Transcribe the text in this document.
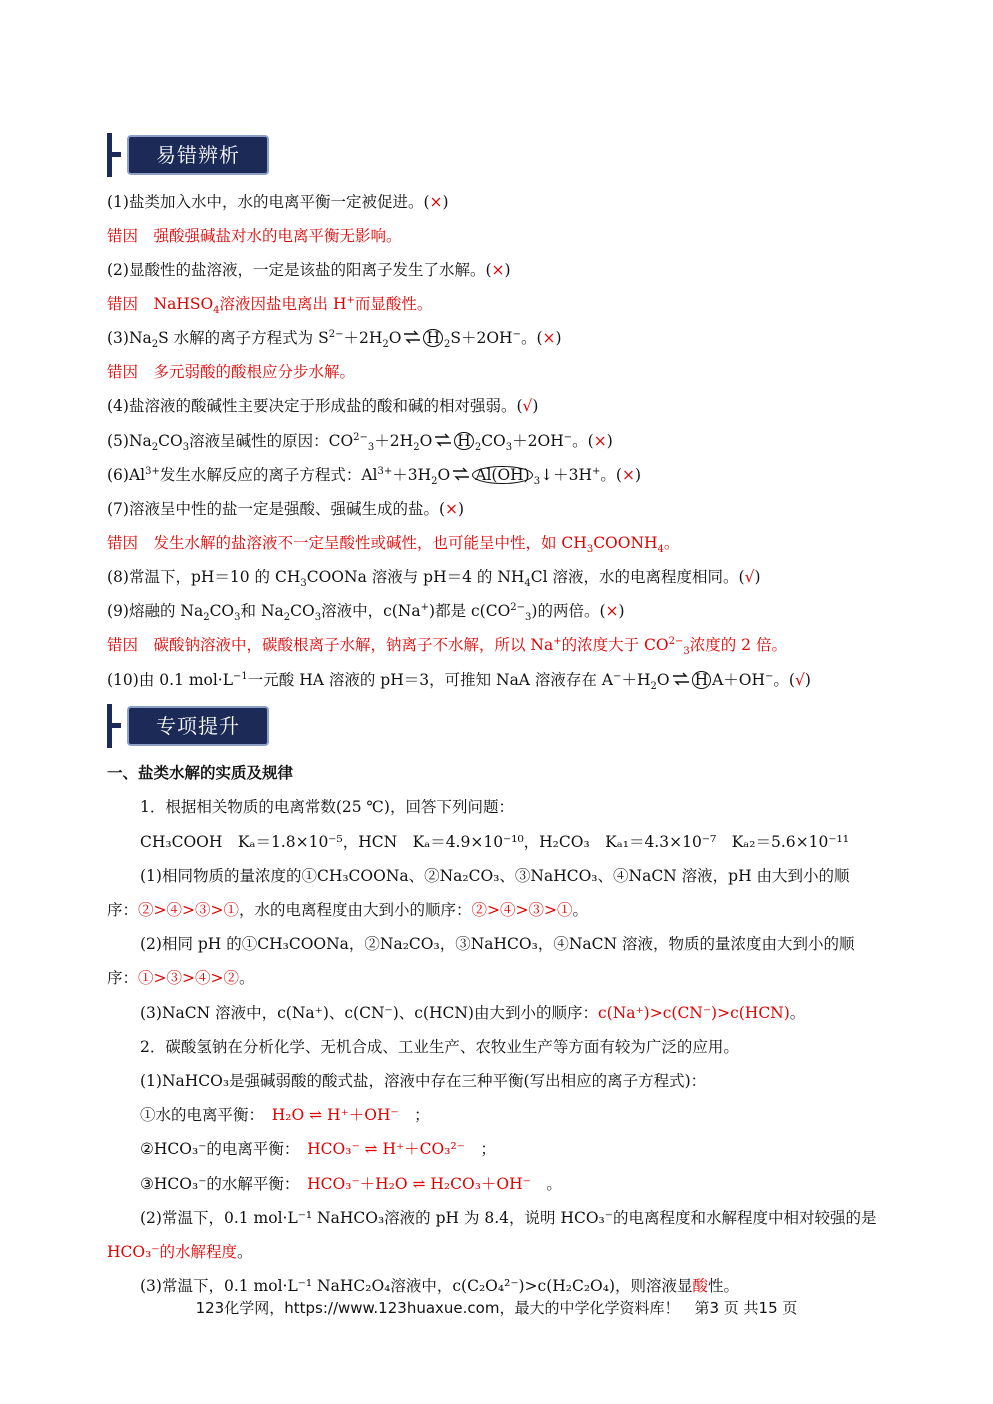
易错辨析
(1)盐类加入水中，水的电离平衡一定被促进。(×)
错因　强酸强碱盐对水的电离平衡无影响。
(2)显酸性的盐溶液，一定是该盐的阳离子发生了水解。(×)
错因　NaHSO$_4$溶液因盐电离出 H+而显酸性。
$(3)Na_2S$ 水解的离子方程式为 $S^{2-}+2H_2O$ ⇌ H $_2$S＋2OH−。(×)
错因　多元弱酸的酸根应分步水解。
(4)盐溶液的酸碱性主要决定于形成盐的酸和碱的相对强弱。(√)
$(5)Na_2CO_3$溶液呈碱性的原因：$CO^{2-}_3+2H_2O$ ⇌ H $_2CO_3+2OH^-$。(×)
$(6)Al^{3+}$发生水解反应的离子方程式：$Al^{3+}+3H_2O$ ⇌ Al(OH) $_3$↓＋3H+。(×)
(7)溶液呈中性的盐一定是强酸、强碱生成的盐。(×)
错因　发生水解的盐溶液不一定呈酸性或碱性，也可能呈中性，如 $CH_3COONH_4$。
(8)常温下，pH＝10 的 $CH_3COONa$ 溶液与 pH＝4 的 $NH_4Cl$ 溶液，水的电离程度相同。(√)
(9)熔融的 $Na_2CO_3$和 $Na_2CO_3$溶液中，c(Na+)都是 $c(CO^{2-}_3)$的两倍。(×)
错因　碳酸钠溶液中，碳酸根离子水解，钠离子不水解，所以 Na+的浓度大于 $CO^{2-}_3$浓度的 2 倍。
(10)由 0.1 $mol\cdot L^{-1}$一元酸 HA 溶液的 pH＝3，可推知 NaA 溶液存在 $A^-+H_2O$ ⇌ H A＋OH−。(√)
专项提升
一、盐类水解的实质及规律
1．根据相关物质的电离常数(25 ℃)，回答下列问题：
CH₃COOH　Kₐ＝1.8×10⁻⁵，HCN　Kₐ＝4.9×10⁻¹⁰，H₂CO₃　Kₐ₁＝4.3×10⁻⁷　Kₐ₂＝5.6×10⁻¹¹
(1)相同物质的量浓度的①CH₃COONa、②Na₂CO₃、③NaHCO₃、④NaCN 溶液，pH 由大到小的顺
序：②>④>③>①，水的电离程度由大到小的顺序：②>④>③>①。
(2)相同 pH 的①CH₃COONa，②Na₂CO₃，③NaHCO₃，④NaCN 溶液，物质的量浓度由大到小的顺
序：①>③>④>②。
(3)NaCN 溶液中，c(Na⁺)、c(CN⁻)、c(HCN)由大到小的顺序：c(Na⁺)>c(CN⁻)>c(HCN)。
2．碳酸氢钠在分析化学、无机合成、工业生产、农牧业生产等方面有较为广泛的应用。
(1)NaHCO₃是强碱弱酸的酸式盐，溶液中存在三种平衡(写出相应的离子方程式)：
①水的电离平衡：　 H₂O ⇌ H⁺＋OH⁻　；
②HCO₃⁻的电离平衡：　 HCO₃⁻ ⇌ H⁺＋CO₃²⁻　；
③HCO₃⁻的水解平衡：　 HCO₃⁻＋H₂O ⇌ H₂CO₃＋OH⁻　。
(2)常温下，0.1 mol·L⁻¹ NaHCO₃溶液的 pH 为 8.4，说明 HCO₃⁻的电离程度和水解程度中相对较强的是
HCO₃⁻的水解程度。
(3)常温下，0.1 mol·L⁻¹ NaHC₂O₄溶液中，c(C₂O₄²⁻)>c(H₂C₂O₄)，则溶液显酸性。
123化学网，https://www.123huaxue.com，最大的中学化学资料库！　第3 页 共15 页
